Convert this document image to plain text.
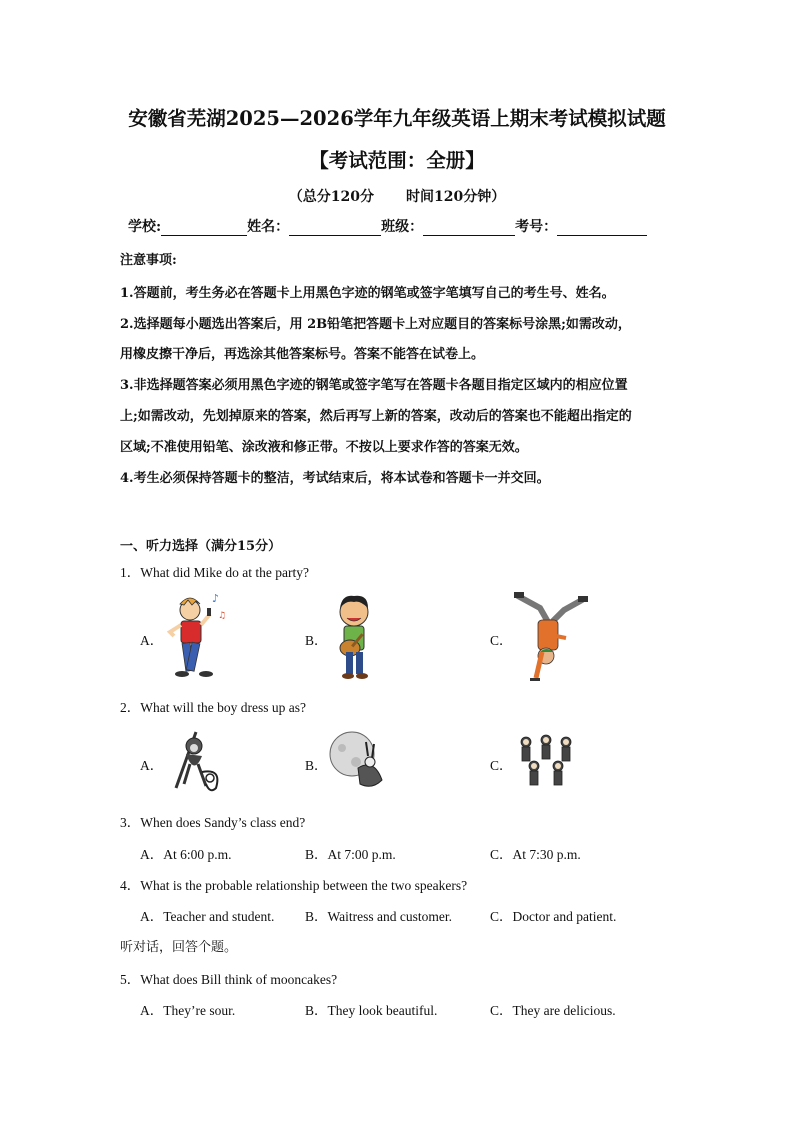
安徽省芜湖2025—2026学年九年级英语上期末考试模拟试题
【考试范围：全册】
（总分120分 时间120分钟）
学校:	姓名：	班级：	考号：
注意事项:
1.答题前，考生务必在答题卡上用黑色字迹的钢笔或签字笔填写自己的考生号、姓名。
2.选择题每小题选出答案后，用 2B铅笔把答题卡上对应题目的答案标号涂黑;如需改动，
用橡皮擦干净后，再选涂其他答案标号。答案不能答在试卷上。
3.非选择题答案必须用黑色字迹的钢笔或签字笔写在答题卡各题目指定区域内的相应位置
上;如需改动，先划掉原来的答案，然后再写上新的答案，改动后的答案也不能超出指定的
区域;不准使用铅笔、涂改液和修正带。不按以上要求作答的答案无效。
4.考生必须保持答题卡的整洁，考试结束后，将本试卷和答题卡一并交回。
一、听力选择（满分15分）
1．What did Mike do at the party?
A．	B．	C．
♪
♫
2．What will the boy dress up as?
A．	B．	C．
3．When does Sandy’s class end?
A．At 6:00 p.m.	B．At 7:00 p.m.	C．At 7:30 p.m.
4．What is the probable relationship between the two speakers?
A．Teacher and student. B．Waitress and customer.	C．Doctor and patient.
听对话，回答个题。
5．What does Bill think of mooncakes?
A．They’re sour.	B．They look beautiful.	C．They are delicious.
